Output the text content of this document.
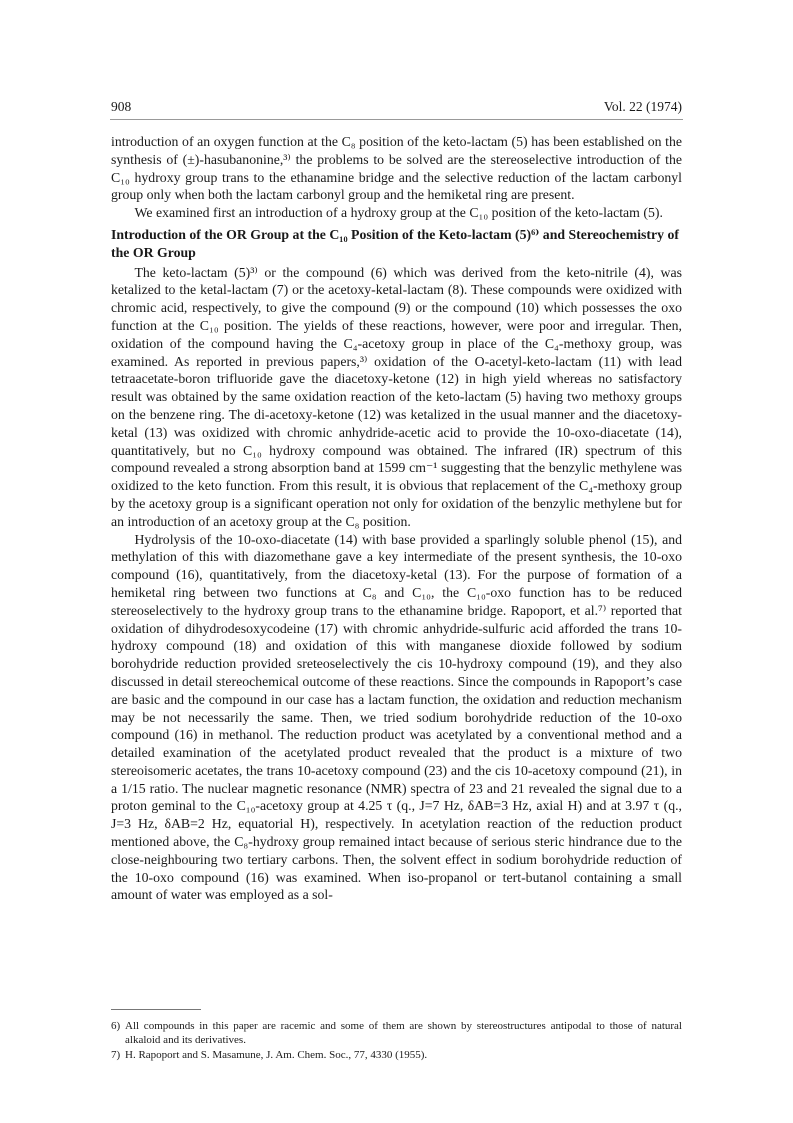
908	Vol. 22 (1974)

introduction of an oxygen function at the C₈ position of the keto-lactam (5) has been established on the synthesis of (±)-hasubanonine,³⁾ the problems to be solved are the stereoselective introduction of the C₁₀ hydroxy group trans to the ethanamine bridge and the selective reduction of the lactam carbonyl group only when both the lactam carbonyl group and the hemiketal ring are present.

We examined first an introduction of a hydroxy group at the C₁₀ position of the keto-lactam (5).

Introduction of the OR Group at the C₁₀ Position of the Keto-lactam (5)⁶⁾ and Stereochemistry of the OR Group

The keto-lactam (5)³⁾ or the compound (6) which was derived from the keto-nitrile (4), was ketalized to the ketal-lactam (7) or the acetoxy-ketal-lactam (8). These compounds were oxidized with chromic acid, respectively, to give the compound (9) or the compound (10) which possesses the oxo function at the C₁₀ position. The yields of these reactions, however, were poor and irregular. Then, oxidation of the compound having the C₄-acetoxy group in place of the C₄-methoxy group, was examined. As reported in previous papers,³⁾ oxidation of the O-acetyl-keto-lactam (11) with lead tetraacetate-boron trifluoride gave the diacetoxy-ketone (12) in high yield whereas no satisfactory result was obtained by the same oxidation reaction of the keto-lactam (5) having two methoxy groups on the benzene ring. The di-acetoxy-ketone (12) was ketalized in the usual manner and the diacetoxy-ketal (13) was oxidized with chromic anhydride-acetic acid to provide the 10-oxo-diacetate (14), quantitatively, but no C₁₀ hydroxy compound was obtained. The infrared (IR) spectrum of this compound revealed a strong absorption band at 1599 cm⁻¹ suggesting that the benzylic methylene was oxidized to the keto function. From this result, it is obvious that replacement of the C₄-methoxy group by the acetoxy group is a significant operation not only for oxidation of the benzylic methylene but for an introduction of an acetoxy group at the C₈ position.

Hydrolysis of the 10-oxo-diacetate (14) with base provided a sparlingly soluble phenol (15), and methylation of this with diazomethane gave a key intermediate of the present synthesis, the 10-oxo compound (16), quantitatively, from the diacetoxy-ketal (13). For the purpose of formation of a hemiketal ring between two functions at C₈ and C₁₀, the C₁₀-oxo function has to be reduced stereoselectively to the hydroxy group trans to the ethanamine bridge. Rapoport, et al.⁷⁾ reported that oxidation of dihydrodesoxycodeine (17) with chromic anhydride-sulfuric acid afforded the trans 10-hydroxy compound (18) and oxidation of this with manganese dioxide followed by sodium borohydride reduction provided sreteoselectively the cis 10-hydroxy compound (19), and they also discussed in detail stereochemical outcome of these reactions. Since the compounds in Rapoport’s case are basic and the compound in our case has a lactam function, the oxidation and reduction mechanism may be not necessarily the same. Then, we tried sodium borohydride reduction of the 10-oxo compound (16) in methanol. The reduction product was acetylated by a conventional method and a detailed examination of the acetylated product revealed that the product is a mixture of two stereoisomeric acetates, the trans 10-acetoxy compound (23) and the cis 10-acetoxy compound (21), in a 1/15 ratio. The nuclear magnetic resonance (NMR) spectra of 23 and 21 revealed the signal due to a proton geminal to the C₁₀-acetoxy group at 4.25 τ (q., J=7 Hz, δAB=3 Hz, axial H) and at 3.97 τ (q., J=3 Hz, δAB=2 Hz, equatorial H), respectively. In acetylation reaction of the reduction product mentioned above, the C₈-hydroxy group remained intact because of serious steric hindrance due to the close-neighbouring two tertiary carbons. Then, the solvent effect in sodium borohydride reduction of the 10-oxo compound (16) was examined. When iso-propanol or tert-butanol containing a small amount of water was employed as a sol-

6) All compounds in this paper are racemic and some of them are shown by stereostructures antipodal to those of natural alkaloid and its derivatives.

7) H. Rapoport and S. Masamune, J. Am. Chem. Soc., 77, 4330 (1955).
